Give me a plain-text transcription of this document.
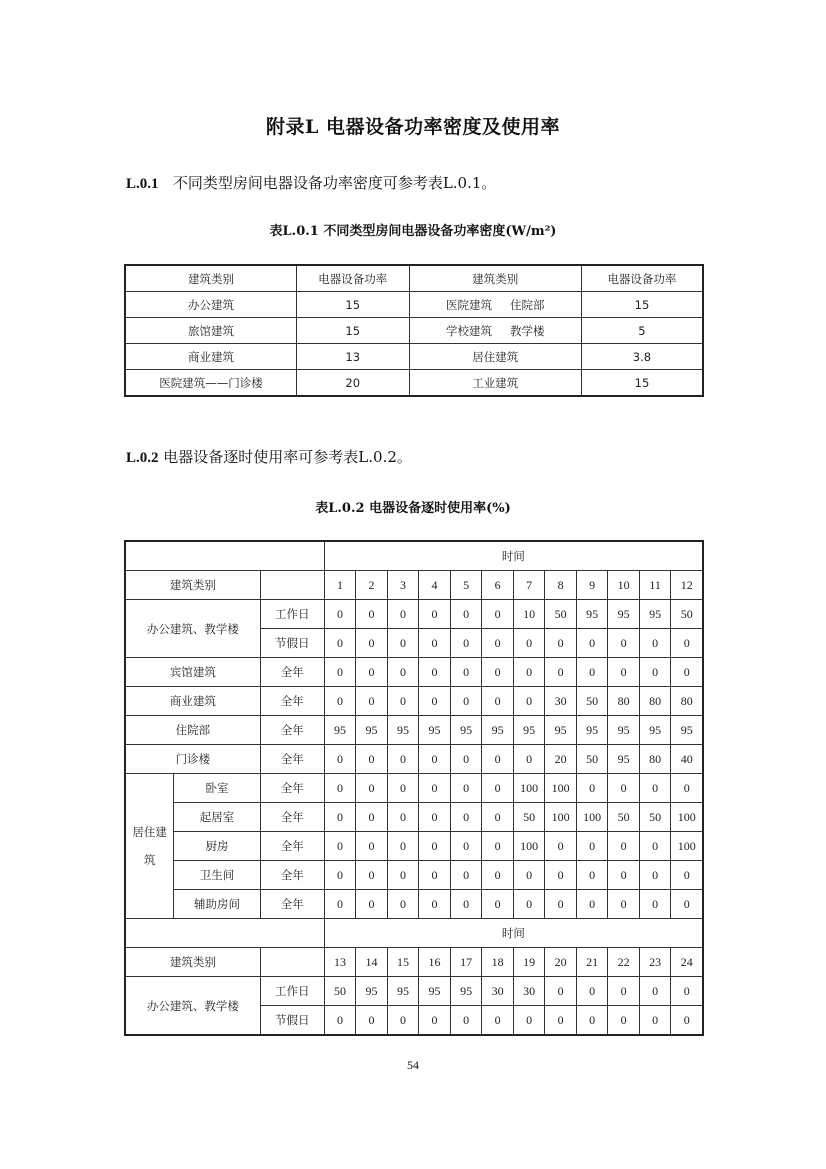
附录L 电器设备功率密度及使用率
L.0.1 不同类型房间电器设备功率密度可参考表L.0.1。
表L.0.1 不同类型房间电器设备功率密度(W/m²)
建筑类别	电器设备功率	建筑类别	电器设备功率
办公建筑	15	医院建筑 住院部	15
旅馆建筑	15	学校建筑 教学楼	5
商业建筑	13	居住建筑	3.8
医院建筑——门诊楼	20	工业建筑	15
L.0.2 电器设备逐时使用率可参考表L.0.2。
表L.0.2 电器设备逐时使用率(%)
			时间											
建筑类别			1	2	3	4	5	6	7	8	9	10	11	12
办公建筑、教学楼		工作日	0	0	0	0	0	0	10	50	95	95	95	50
		节假日	0	0	0	0	0	0	0	0	0	0	0	0
宾馆建筑		全年	0	0	0	0	0	0	0	0	0	0	0	0
商业建筑		全年	0	0	0	0	0	0	0	30	50	80	80	80
住院部		全年	95	95	95	95	95	95	95	95	95	95	95	95
门诊楼		全年	0	0	0	0	0	0	0	20	50	95	80	40
居住建筑	卧室	全年	0	0	0	0	0	0	100	100	0	0	0	0
	起居室	全年	0	0	0	0	0	0	50	100	100	50	50	100
	厨房	全年	0	0	0	0	0	0	100	0	0	0	0	100
	卫生间	全年	0	0	0	0	0	0	0	0	0	0	0	0
	辅助房间	全年	0	0	0	0	0	0	0	0	0	0	0	0
			时间											
建筑类别			13	14	15	16	17	18	19	20	21	22	23	24
办公建筑、教学楼		工作日	50	95	95	95	95	30	30	0	0	0	0	0
		节假日	0	0	0	0	0	0	0	0	0	0	0	0
54
